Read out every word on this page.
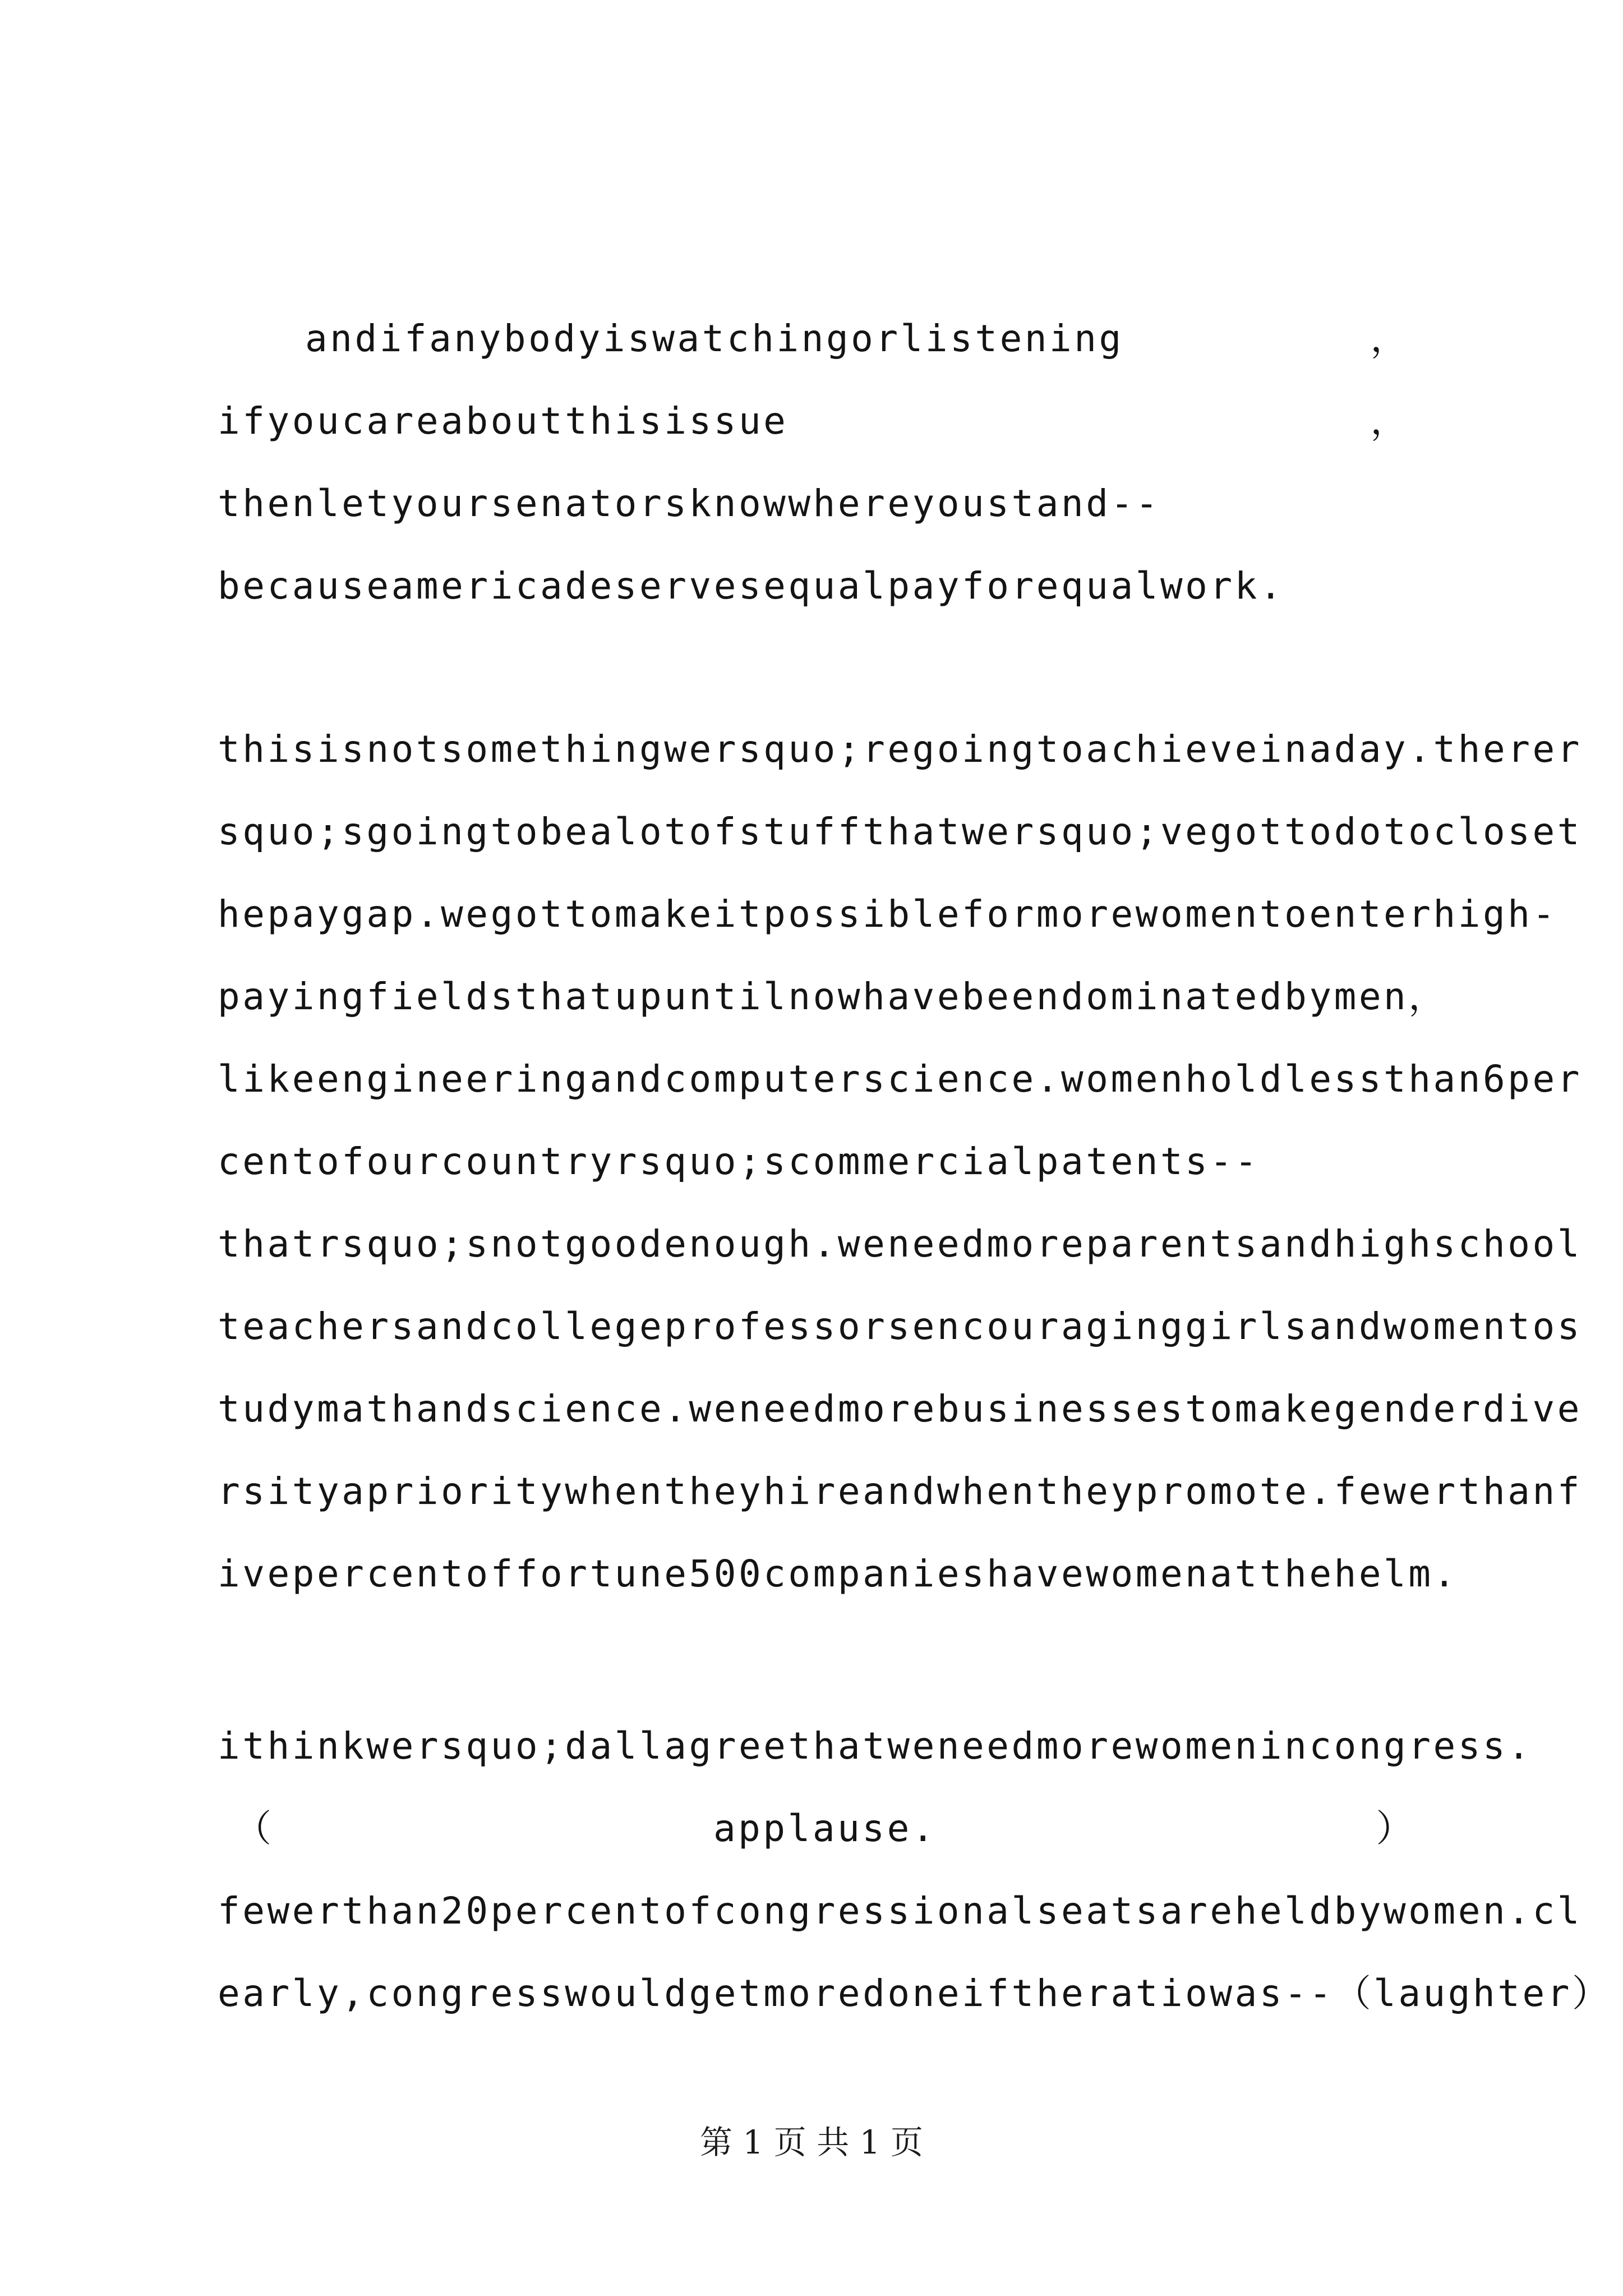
andifanybodyiswatchingorlistening	，
ifyoucareaboutthisissue	，
thenletyoursenatorsknowwhereyoustand--
becauseamericadeservesequalpayforequalwork.
thisisnotsomethingwersquo;regoingtoachieveinaday.therer
squo;sgoingtobealotofstuffthatwersquo;vegottodotocloset
hepaygap.wegottomakeitpossibleformorewomentoenterhigh-
payingfieldsthatupuntilnowhavebeendominatedbymen ，
likeengineeringandcomputerscience.womenholdlessthan6per
centofourcountryrsquo;scommercialpatents--
thatrsquo;snotgoodenough.weneedmoreparentsandhighschool
teachersandcollegeprofessorsencouraginggirlsandwomentos
tudymathandscience.weneedmorebusinessestomakegenderdive
rsityaprioritywhentheyhireandwhentheypromote.fewerthanf
ivepercentoffortune500companieshavewomenatthehelm.
ithinkwersquo;dallagreethatweneedmorewomenincongress.
（	applause.	）
fewerthan20percentofcongressionalseatsareheldbywomen.cl
early,congresswouldgetmoredoneiftheratiowas--（laughter）
第 1 页 共 1 页
